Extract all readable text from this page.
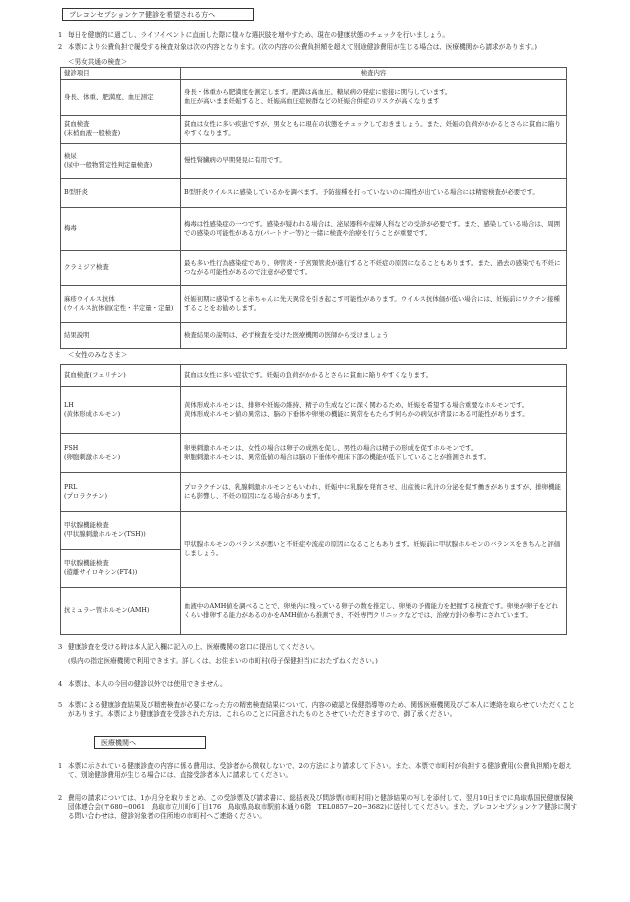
プレコンセプションケア健診を希望される方へ
1 毎日を健康的に過ごし、ライフイベントに直面した際に様々な選択肢を増やすため、現在の健康状態のチェックを行いましょう。
2 本票により公費負担で履受する検査対象は次の内容となります。(次の内容の公費負担額を超えて別途健診費用が生じる場合は、医療機関から請求があります。)
＜男女共通の検査＞
健診項目	検査内容
身長、体重、肥満度、血圧測定	身長・体重から肥満度を測定します。肥満は高血圧、糖尿病の発症に密接に関与しています。
血圧が高いまま妊娠すると、妊娠高血圧症候群などの妊娠合併症のリスクが高くなります
貧血検査
(末梢血液一般検査)	貧血は女性に多い疾患ですが、男女ともに現在の状態をチェックしておきましょう。また、妊娠の負荷がかかるとさらに貧血に陥りやすくなります。
検尿
(尿中一般物質定性判定量検査)	慢性腎臓病の早期発見に有用です。
B型肝炎	B型肝炎ウイルスに感染しているかを調べます。予防接種を打っていないのに陽性が出ている場合には精密検査が必要です。
梅毒	梅毒は性感染症の一つです。感染が疑われる場合は、泌尿器科や産婦人科などの受診が必要です。また、感染している場合は、周囲での感染の可能性がある方(パートナー等)と一緒に検査や治療を行うことが重要です。
クラミジア検査	最も多い性行為感染症であり、卵管炎・子宮頸管炎が進行すると不妊症の原因になることもあります。また、過去の感染でも不妊につながる可能性があるので注意が必要です。
麻疹ウイルス抗体
(ウイルス抗体価(定性・半定量・定量)	妊娠初期に感染すると赤ちゃんに先天異常を引き起こす可能性があります。ウイルス抗体価が低い場合には、妊娠前にワクチン接種することをお勧めします。
結果説明	検査結果の説明は、必ず検査を受けた医療機関の医師から受けましょう
＜女性のみなさま＞
貧血検査(フェリチン)	貧血は女性に多い症状です。妊娠の負荷がかかるとさらに貧血に陥りやすくなります。
LH
(黄体形成ホルモン)	黄体形成ホルモンは、排卵や妊娠の維持、精子の生成などに深く関わるため、妊娠を希望する場合重要なホルモンです。
黄体形成ホルモン値の異常は、脳の下垂体や卵巣の機能に異常をもたらす何らかの病気が背景にある可能性があります。
FSH
(卵胞刺激ホルモン)	卵巣刺激ホルモンは、女性の場合は卵子の成熟を促し、男性の場合は精子の形成を促すホルモンです。
卵胞刺激ホルモンは、異常低値の場合は脳の下垂体や視床下部の機能が低下していることが推測されます。
PRL
(プロラクチン)	プロラクチンは、乳腺刺激ホルモンともいわれ、妊娠中に乳腺を発育させ、出産後に乳汁の分泌を促す働きがありますが、排卵機能にも影響し、不妊の原因になる場合があります。
甲状腺機能検査
(甲状腺刺激ホルモン(TSH))	甲状腺ホルモンのバランスが悪いと不妊症や流産の原因になることもあります。妊娠前に甲状腺ホルモンのバランスをきちんと評価しましょう。
甲状腺機能検査
(遊離サイロキシン(FT4))	
抗ミュラー管ホルモン(AMH)	血液中のAMH値を調べることで、卵巣内に残っている卵子の数を推定し、卵巣の予備能力を把握する検査です。卵巣が卵子をどれくらい排卵する能力があるのかをAMH値から推測でき、不妊専門クリニックなどでは、治療方針の参考にされています。
3 健康診査を受ける時は本人記入欄に記入の上、医療機関の窓口に提出してください。
(県内の指定医療機関で利用できます。詳しくは、お住まいの市町村(母子保健担当)におたずねください。)
4 本票は、本人の今回の健診以外では使用できません。
5 本票による健康診査結果及び精密検査が必要になった方の精密検査結果について、内容の確認と保健指導等のため、関係医療機関及びご本人に連絡を取らせていただくことがあります。本票により健康診査を受診された方は、これらのことに同意されたものとさせていただきますので、御了承ください。
医療機関へ
1 本票に示されている健康診査の内容に係る費用は、受診者から徴収しないで、2の方法により請求して下さい。また、本票で市町村が負担する健診費用(公費負担額)を超えて、別途健診費用が生じる場合には、直接受診者本人に請求してください。
2 費用の請求については、1か月分を取りまとめ、この受診票及び請求書に、総括表及び問診票(市町村用)と健診結果の写しを添付して、翌月10日までに鳥取県国民健康保険団体連合会(〒680−0061　鳥取市立川町6丁目176　鳥取県鳥取市駅前本通り6階　TEL0857−20−3682)に送付してください。また、プレコンセプションケア健診に関する問い合わせは、健診対象者の住所地の市町村へご連絡ください。
